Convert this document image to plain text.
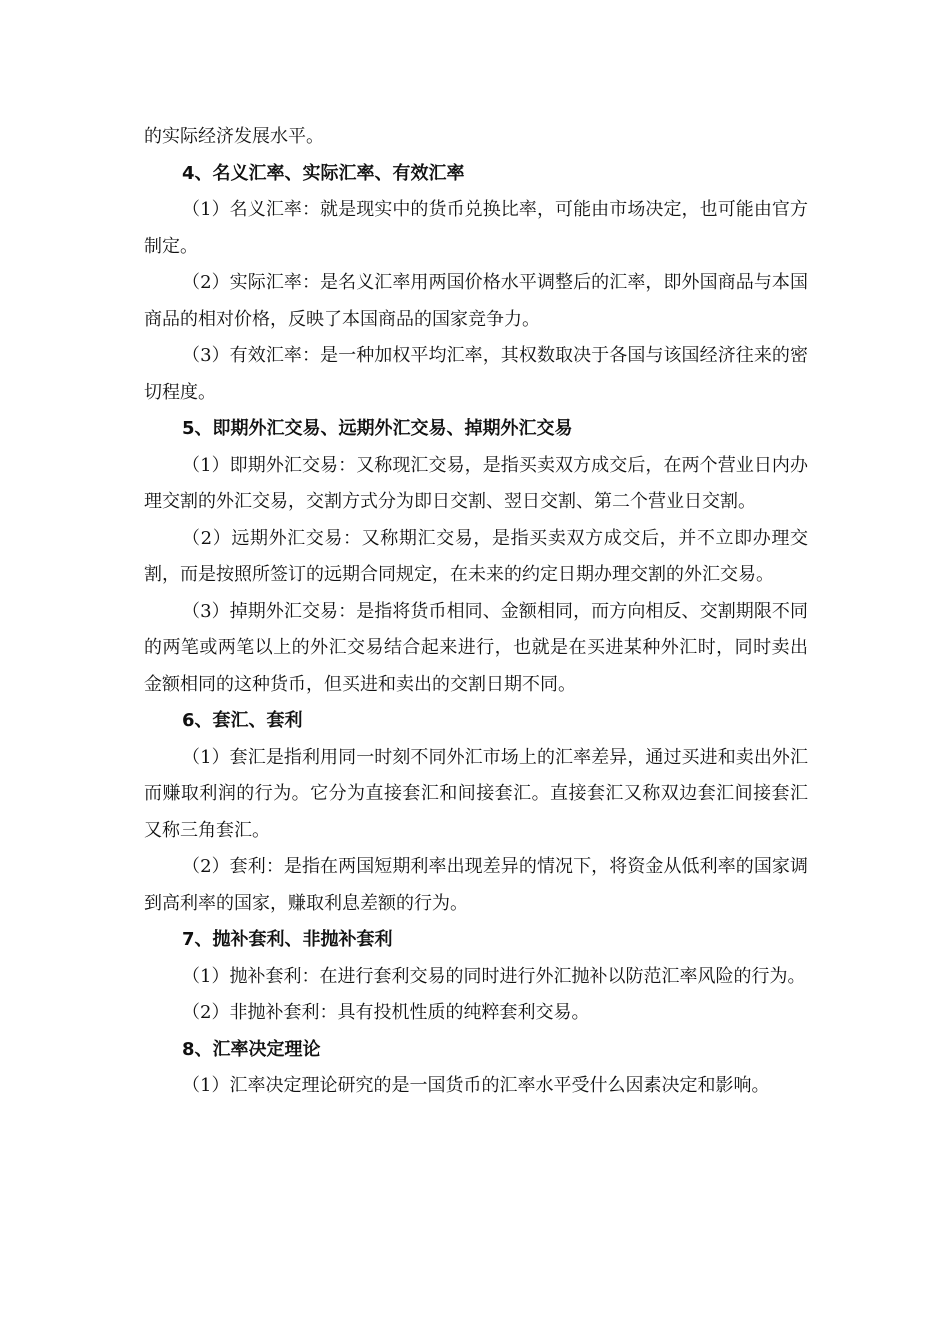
的实际经济发展水平。

4、名义汇率、实际汇率、有效汇率

（1）名义汇率：就是现实中的货币兑换比率，可能由市场决定，也可能由官方制定。

（2）实际汇率：是名义汇率用两国价格水平调整后的汇率，即外国商品与本国商品的相对价格，反映了本国商品的国家竞争力。

（3）有效汇率：是一种加权平均汇率，其权数取决于各国与该国经济往来的密切程度。

5、即期外汇交易、远期外汇交易、掉期外汇交易

（1）即期外汇交易：又称现汇交易，是指买卖双方成交后，在两个营业日内办理交割的外汇交易，交割方式分为即日交割、翌日交割、第二个营业日交割。

（2）远期外汇交易：又称期汇交易，是指买卖双方成交后，并不立即办理交割，而是按照所签订的远期合同规定，在未来的约定日期办理交割的外汇交易。

（3）掉期外汇交易：是指将货币相同、金额相同，而方向相反、交割期限不同的两笔或两笔以上的外汇交易结合起来进行，也就是在买进某种外汇时，同时卖出金额相同的这种货币，但买进和卖出的交割日期不同。

6、套汇、套利

（1）套汇是指利用同一时刻不同外汇市场上的汇率差异，通过买进和卖出外汇而赚取利润的行为。它分为直接套汇和间接套汇。直接套汇又称双边套汇间接套汇又称三角套汇。

（2）套利：是指在两国短期利率出现差异的情况下，将资金从低利率的国家调到高利率的国家，赚取利息差额的行为。

7、抛补套利、非抛补套利

（1）抛补套利：在进行套利交易的同时进行外汇抛补以防范汇率风险的行为。

（2）非抛补套利：具有投机性质的纯粹套利交易。

8、汇率决定理论

（1）汇率决定理论研究的是一国货币的汇率水平受什么因素决定和影响。
